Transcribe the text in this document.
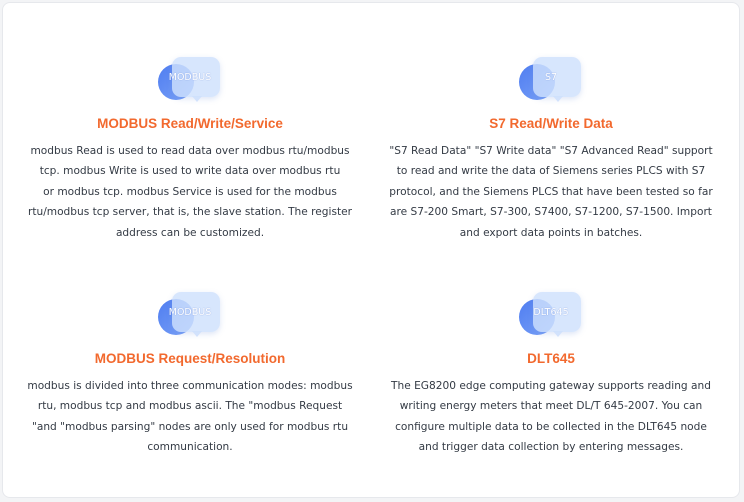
MODBUS
MODBUS Read/Write/Service

modbus Read is used to read data over modbus rtu/modbus
tcp. modbus Write is used to write data over modbus rtu
or modbus tcp. modbus Service is used for the modbus
rtu/modbus tcp server, that is, the slave station. The register
address can be customized.

S7
S7 Read/Write Data

"S7 Read Data" "S7 Write data" "S7 Advanced Read" support
to read and write the data of Siemens series PLCS with S7
protocol, and the Siemens PLCS that have been tested so far
are S7-200 Smart, S7-300, S7400, S7-1200, S7-1500. Import
and export data points in batches.

MODBUS
MODBUS Request/Resolution

modbus is divided into three communication modes: modbus
rtu, modbus tcp and modbus ascii. The "modbus Request
"and "modbus parsing" nodes are only used for modbus rtu
communication.

DLT645
DLT645

The EG8200 edge computing gateway supports reading and
writing energy meters that meet DL/T 645-2007. You can
configure multiple data to be collected in the DLT645 node
and trigger data collection by entering messages.
